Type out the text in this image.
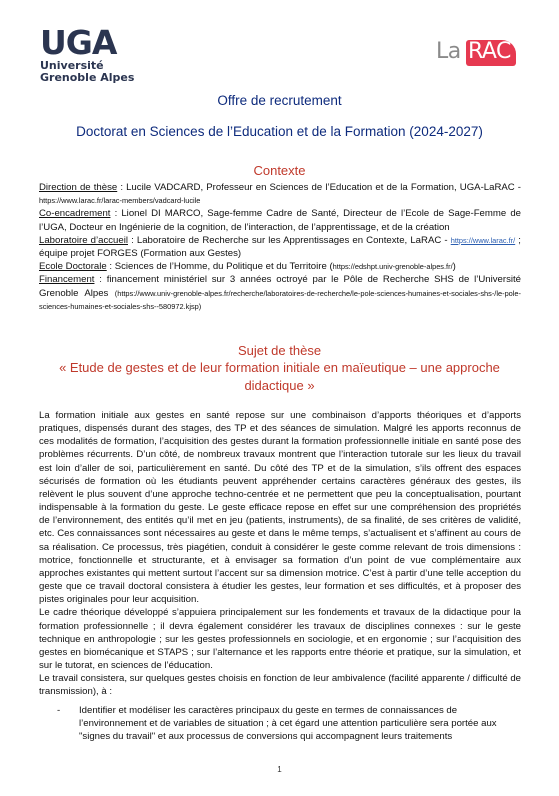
UGA
Université
Grenoble Alpes
La RAC
Offre de recrutement
Doctorat en Sciences de l’Education et de la Formation (2024-2027)
Contexte

Direction de thèse : Lucile VADCARD, Professeur en Sciences de l’Education et de la Formation, UGA-LaRAC - https://www.larac.fr/larac-members/vadcard-lucile

Co-encadrement : Lionel DI MARCO, Sage-femme Cadre de Santé, Directeur de l’Ecole de Sage-Femme de l’UGA, Docteur en Ingénierie de la cognition, de l’interaction, de l’apprentissage, et de la création

Laboratoire d’accueil : Laboratoire de Recherche sur les Apprentissages en Contexte, LaRAC - https://www.larac.fr/ ; équipe projet FORGES (Formation aux Gestes)

Ecole Doctorale : Sciences de l’Homme, du Politique et du Territoire (https://edshpt.univ-grenoble-alpes.fr/)

Financement : financement ministériel sur 3 années octroyé par le Pôle de Recherche SHS de l’Université Grenoble Alpes (https://www.univ-grenoble-alpes.fr/recherche/laboratoires-de-recherche/le-pole-sciences-humaines-et-sociales-shs-/le-pole-sciences-humaines-et-sociales-shs--580972.kjsp)

Sujet de thèse
« Etude de gestes et de leur formation initiale en maïeutique – une approche
didactique »

La formation initiale aux gestes en santé repose sur une combinaison d’apports théoriques et d’apports pratiques, dispensés durant des stages, des TP et des séances de simulation. Malgré les apports reconnus de ces modalités de formation, l’acquisition des gestes durant la formation professionnelle initiale en santé pose des problèmes récurrents. D’un côté, de nombreux travaux montrent que l’interaction tutorale sur les lieux du travail est loin d’aller de soi, particulièrement en santé. Du côté des TP et de la simulation, s’ils offrent des espaces sécurisés de formation où les étudiants peuvent appréhender certains caractères généraux des gestes, ils relèvent le plus souvent d’une approche techno-centrée et ne permettent que peu la conceptualisation, pourtant indispensable à la formation du geste. Le geste efficace repose en effet sur une compréhension des propriétés de l’environnement, des entités qu’il met en jeu (patients, instruments), de sa finalité, de ses critères de validité, etc. Ces connaissances sont nécessaires au geste et dans le même temps, s’actualisent et s’affinent au cours de sa réalisation. Ce processus, très piagétien, conduit à considérer le geste comme relevant de trois dimensions : motrice, fonctionnelle et structurante, et à envisager sa formation d’un point de vue complémentaire aux approches existantes qui mettent surtout l’accent sur sa dimension motrice. C’est à partir d’une telle acception du geste que ce travail doctoral consistera à étudier les gestes, leur formation et ses difficultés, et à proposer des pistes originales pour leur acquisition.

Le cadre théorique développé s’appuiera principalement sur les fondements et travaux de la didactique pour la formation professionnelle ; il devra également considérer les travaux de disciplines connexes : sur le geste technique en anthropologie ; sur les gestes professionnels en sociologie, et en ergonomie ; sur l’acquisition des gestes en biomécanique et STAPS ; sur l’alternance et les rapports entre théorie et pratique, sur la simulation, et sur le tutorat, en sciences de l’éducation.

Le travail consistera, sur quelques gestes choisis en fonction de leur ambivalence (facilité apparente / difficulté de transmission), à :

- Identifier et modéliser les caractères principaux du geste en termes de connaissances de l’environnement et de variables de situation ; à cet égard une attention particulière sera portée aux "signes du travail" et aux processus de conversions qui accompagnent leurs traitements
1
